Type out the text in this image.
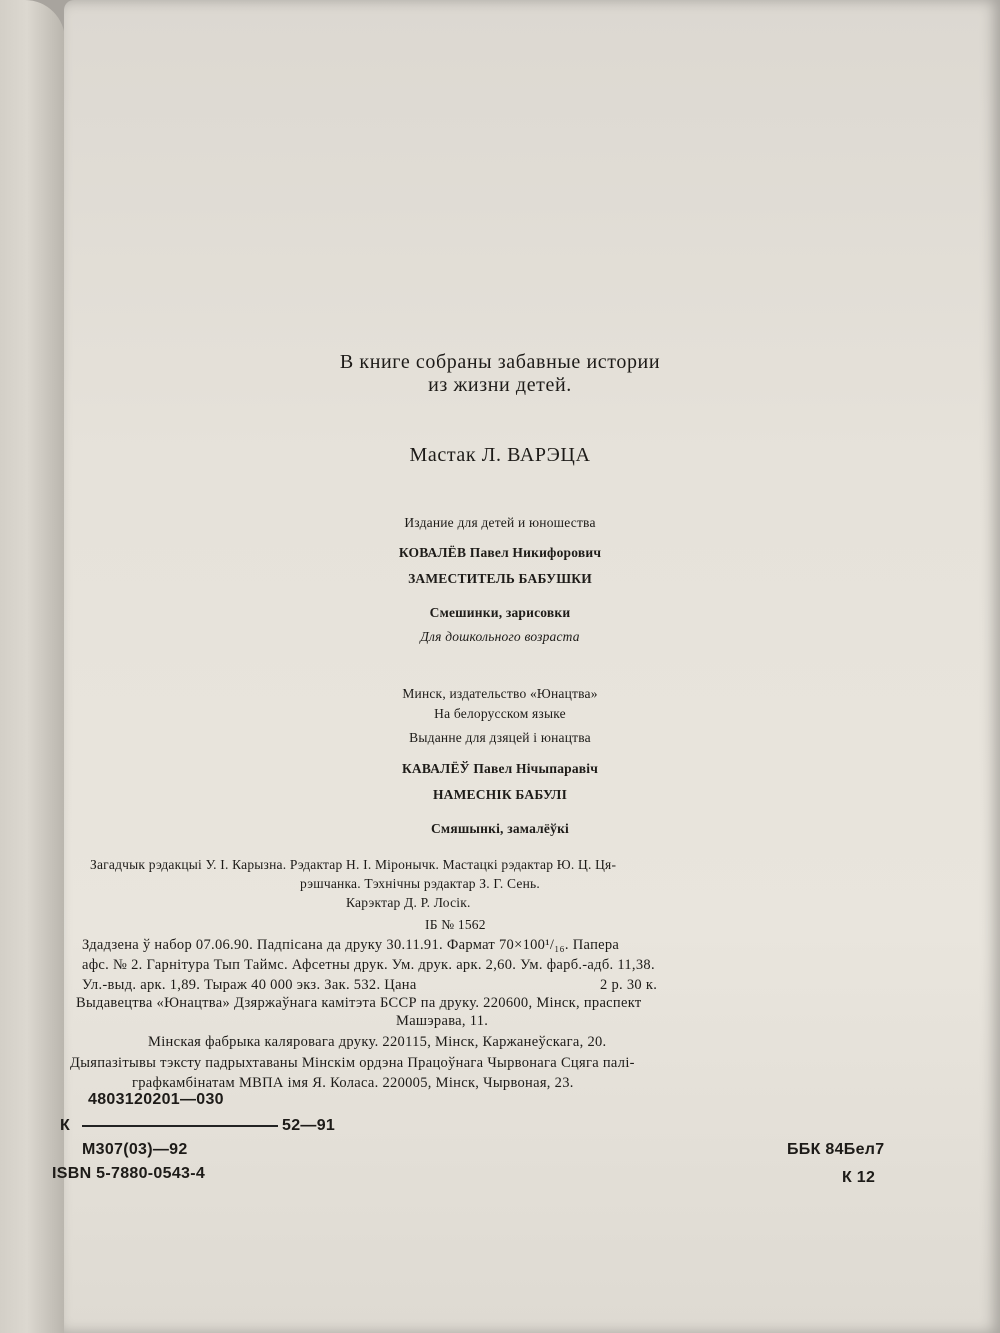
В книге собраны забавные истории
из жизни детей.
Мастак Л. ВАРЭЦА
Издание для детей и юношества
КОВАЛЁВ Павел Никифорович
ЗАМЕСТИТЕЛЬ БАБУШКИ
Смешинки, зарисовки
Для дошкольного возраста
Минск, издательство «Юнацтва»
На белорусском языке
Выданне для дзяцей і юнацтва
КАВАЛЁЎ Павел Нічыпаравіч
НАМЕСНІК БАБУЛІ
Смяшынкі, замалёўкі
Загадчык рэдакцыі У. І. Карызна. Рэдактар Н. І. Міронычк. Мастацкі рэдактар Ю. Ц. Ця-
рэшчанка. Тэхнічны рэдактар З. Г. Сень.
Карэктар Д. Р. Лосік.
ІБ № 1562
Здадзена ў набор 07.06.90. Падпісана да друку 30.11.91. Фармат 70×100¹/₁₆. Папера
афс. № 2. Гарнітура Тып Таймс. Афсетны друк. Ум. друк. арк. 2,60. Ум. фарб.-адб. 11,38.
Ул.-выд. арк. 1,89. Тыраж 40 000 экз. Зак. 532. Цана	2 р. 30 к.
Выдавецтва «Юнацтва» Дзяржаўнага камітэта БССР па друку. 220600, Мінск, праспект
Машэрава, 11.
Мінская фабрыка каляровага друку. 220115, Мінск, Каржанеўскага, 20.
Дыяпазітывы тэксту падрыхтаваны Мінскім ордэна Працоўнага Чырвонага Сцяга палі-
графкамбінатам МВПА імя Я. Коласа. 220005, Мінск, Чырвоная, 23.
4803120201—030
К	52—91
М307(03)—92
ISBN 5-7880-0543-4
ББК 84Бел7
К 12
